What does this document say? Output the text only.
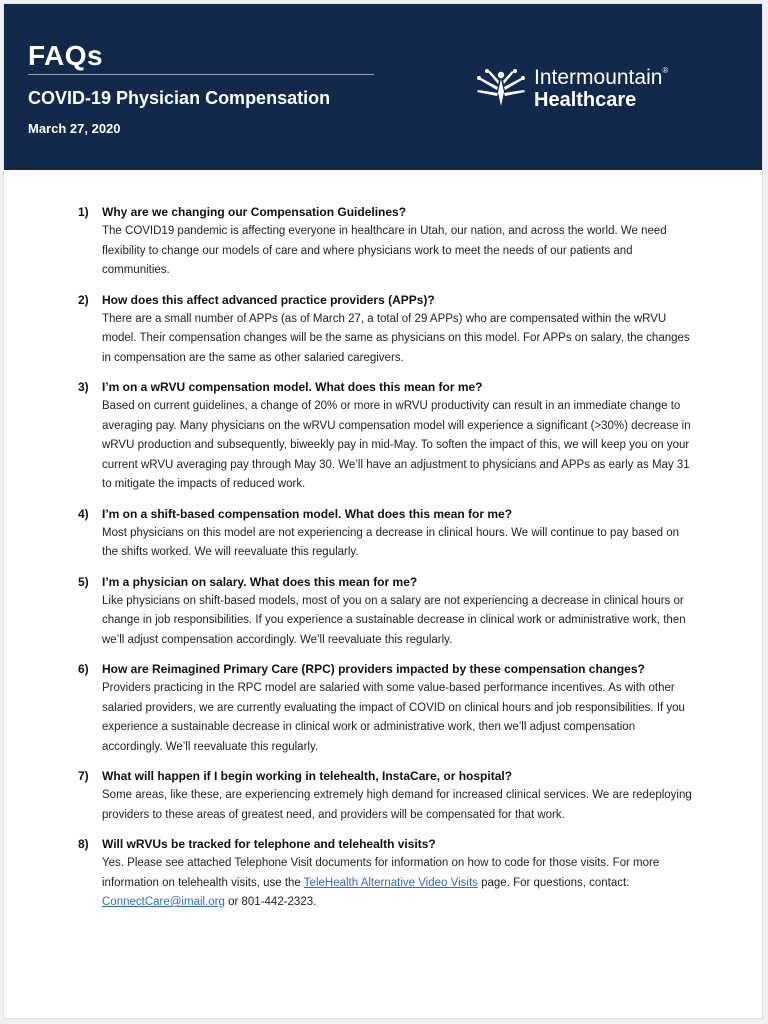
FAQs
COVID-19 Physician Compensation
March 27, 2020
Intermountain®
Healthcare
1) Why are we changing our Compensation Guidelines?
The COVID19 pandemic is affecting everyone in healthcare in Utah, our nation, and across the world. We need flexibility to change our models of care and where physicians work to meet the needs of our patients and communities.
2) How does this affect advanced practice providers (APPs)?
There are a small number of APPs (as of March 27, a total of 29 APPs) who are compensated within the wRVU model. Their compensation changes will be the same as physicians on this model. For APPs on salary, the changes in compensation are the same as other salaried caregivers.
3) I’m on a wRVU compensation model. What does this mean for me?
Based on current guidelines, a change of 20% or more in wRVU productivity can result in an immediate change to averaging pay. Many physicians on the wRVU compensation model will experience a significant (>30%) decrease in wRVU production and subsequently, biweekly pay in mid-May. To soften the impact of this, we will keep you on your current wRVU averaging pay through May 30. We’ll have an adjustment to physicians and APPs as early as May 31 to mitigate the impacts of reduced work.
4) I’m on a shift-based compensation model. What does this mean for me?
Most physicians on this model are not experiencing a decrease in clinical hours. We will continue to pay based on the shifts worked. We will reevaluate this regularly.
5) I’m a physician on salary. What does this mean for me?
Like physicians on shift-based models, most of you on a salary are not experiencing a decrease in clinical hours or change in job responsibilities. If you experience a sustainable decrease in clinical work or administrative work, then we’ll adjust compensation accordingly. We’ll reevaluate this regularly.
6) How are Reimagined Primary Care (RPC) providers impacted by these compensation changes?
Providers practicing in the RPC model are salaried with some value-based performance incentives. As with other salaried providers, we are currently evaluating the impact of COVID on clinical hours and job responsibilities. If you experience a sustainable decrease in clinical work or administrative work, then we’ll adjust compensation accordingly. We’ll reevaluate this regularly.
7) What will happen if I begin working in telehealth, InstaCare, or hospital?
Some areas, like these, are experiencing extremely high demand for increased clinical services. We are redeploying providers to these areas of greatest need, and providers will be compensated for that work.
8) Will wRVUs be tracked for telephone and telehealth visits?
Yes. Please see attached Telephone Visit documents for information on how to code for those visits. For more information on telehealth visits, use the TeleHealth Alternative Video Visits page. For questions, contact: ConnectCare@imail.org or 801-442-2323.
